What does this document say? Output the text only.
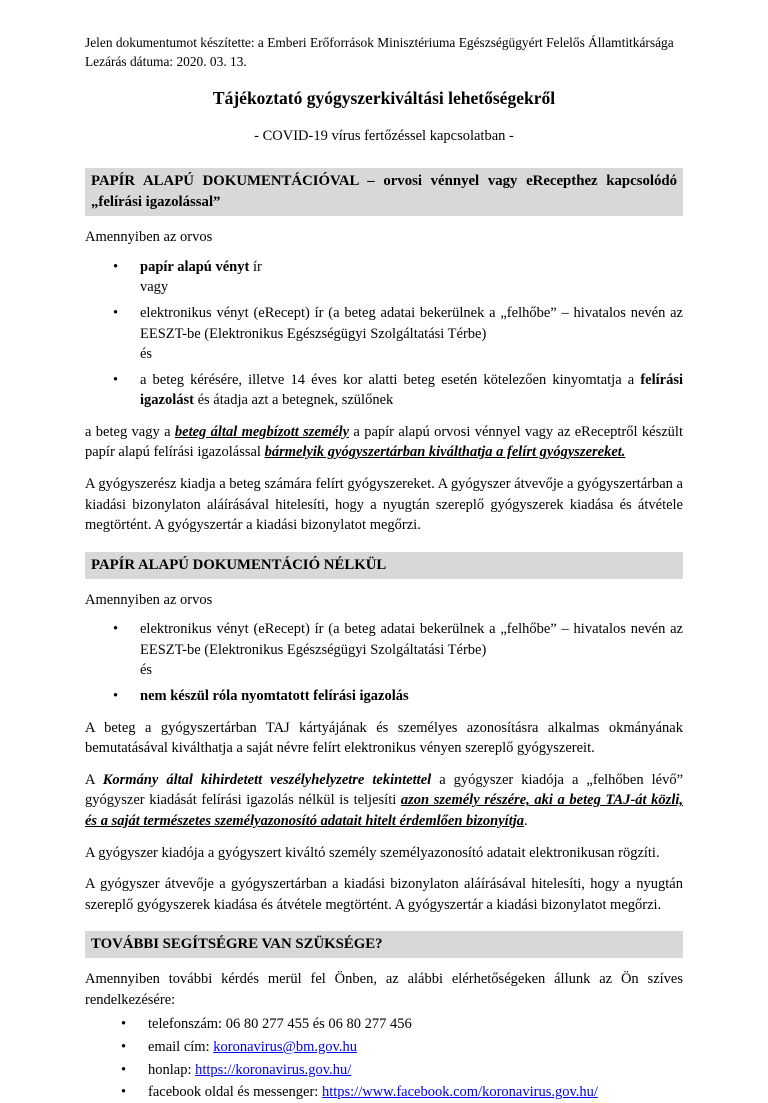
Jelen dokumentumot készítette: a Emberi Erőforrások Minisztériuma Egészségügyért Felelős Államtitkársága
Lezárás dátuma: 2020. 03. 13.
Tájékoztató gyógyszerkiváltási lehetőségekről
- COVID-19 vírus fertőzéssel kapcsolatban -
PAPÍR ALAPÚ DOKUMENTÁCIÓVAL – orvosi vénnyel vagy eRecepthez kapcsolódó „felírási igazolással”

Amennyiben az orvos

• papír alapú vényt ír
vagy
• elektronikus vényt (eRecept) ír (a beteg adatai bekerülnek a „felhőbe” – hivatalos nevén az EESZT-be (Elektronikus Egészségügyi Szolgáltatási Térbe)
és
• a beteg kérésére, illetve 14 éves kor alatti beteg esetén kötelezően kinyomtatja a felírási igazolást és átadja azt a betegnek, szülőnek

a beteg vagy a beteg által megbízott személy a papír alapú orvosi vénnyel vagy az eReceptről készült papír alapú felírási igazolással bármelyik gyógyszertárban kiválthatja a felírt gyógyszereket.

A gyógyszerész kiadja a beteg számára felírt gyógyszereket. A gyógyszer átvevője a gyógyszertárban a kiadási bizonylaton aláírásával hitelesíti, hogy a nyugtán szereplő gyógyszerek kiadása és átvétele megtörtént. A gyógyszertár a kiadási bizonylatot megőrzi.

PAPÍR ALAPÚ DOKUMENTÁCIÓ NÉLKÜL

Amennyiben az orvos

• elektronikus vényt (eRecept) ír (a beteg adatai bekerülnek a „felhőbe” – hivatalos nevén az EESZT-be (Elektronikus Egészségügyi Szolgáltatási Térbe)
és
• nem készül róla nyomtatott felírási igazolás

A beteg a gyógyszertárban TAJ kártyájának és személyes azonosításra alkalmas okmányának bemutatásával kiválthatja a saját névre felírt elektronikus vényen szereplő gyógyszereit.

A Kormány által kihirdetett veszélyhelyzetre tekintettel a gyógyszer kiadója a „felhőben lévő” gyógyszer kiadását felírási igazolás nélkül is teljesíti azon személy részére, aki a beteg TAJ-át közli, és a saját természetes személyazonosító adatait hitelt érdemlően bizonyítja.

A gyógyszer kiadója a gyógyszert kiváltó személy személyazonosító adatait elektronikusan rögzíti.

A gyógyszer átvevője a gyógyszertárban a kiadási bizonylaton aláírásával hitelesíti, hogy a nyugtán szereplő gyógyszerek kiadása és átvétele megtörtént. A gyógyszertár a kiadási bizonylatot megőrzi.

TOVÁBBI SEGÍTSÉGRE VAN SZÜKSÉGE?

Amennyiben további kérdés merül fel Önben, az alábbi elérhetőségeken állunk az Ön szíves rendelkezésére:

• telefonszám: 06 80 277 455 és 06 80 277 456
• email cím: koronavirus@bm.gov.hu
• honlap: https://koronavirus.gov.hu/
• facebook oldal és messenger: https://www.facebook.com/koronavirus.gov.hu/
